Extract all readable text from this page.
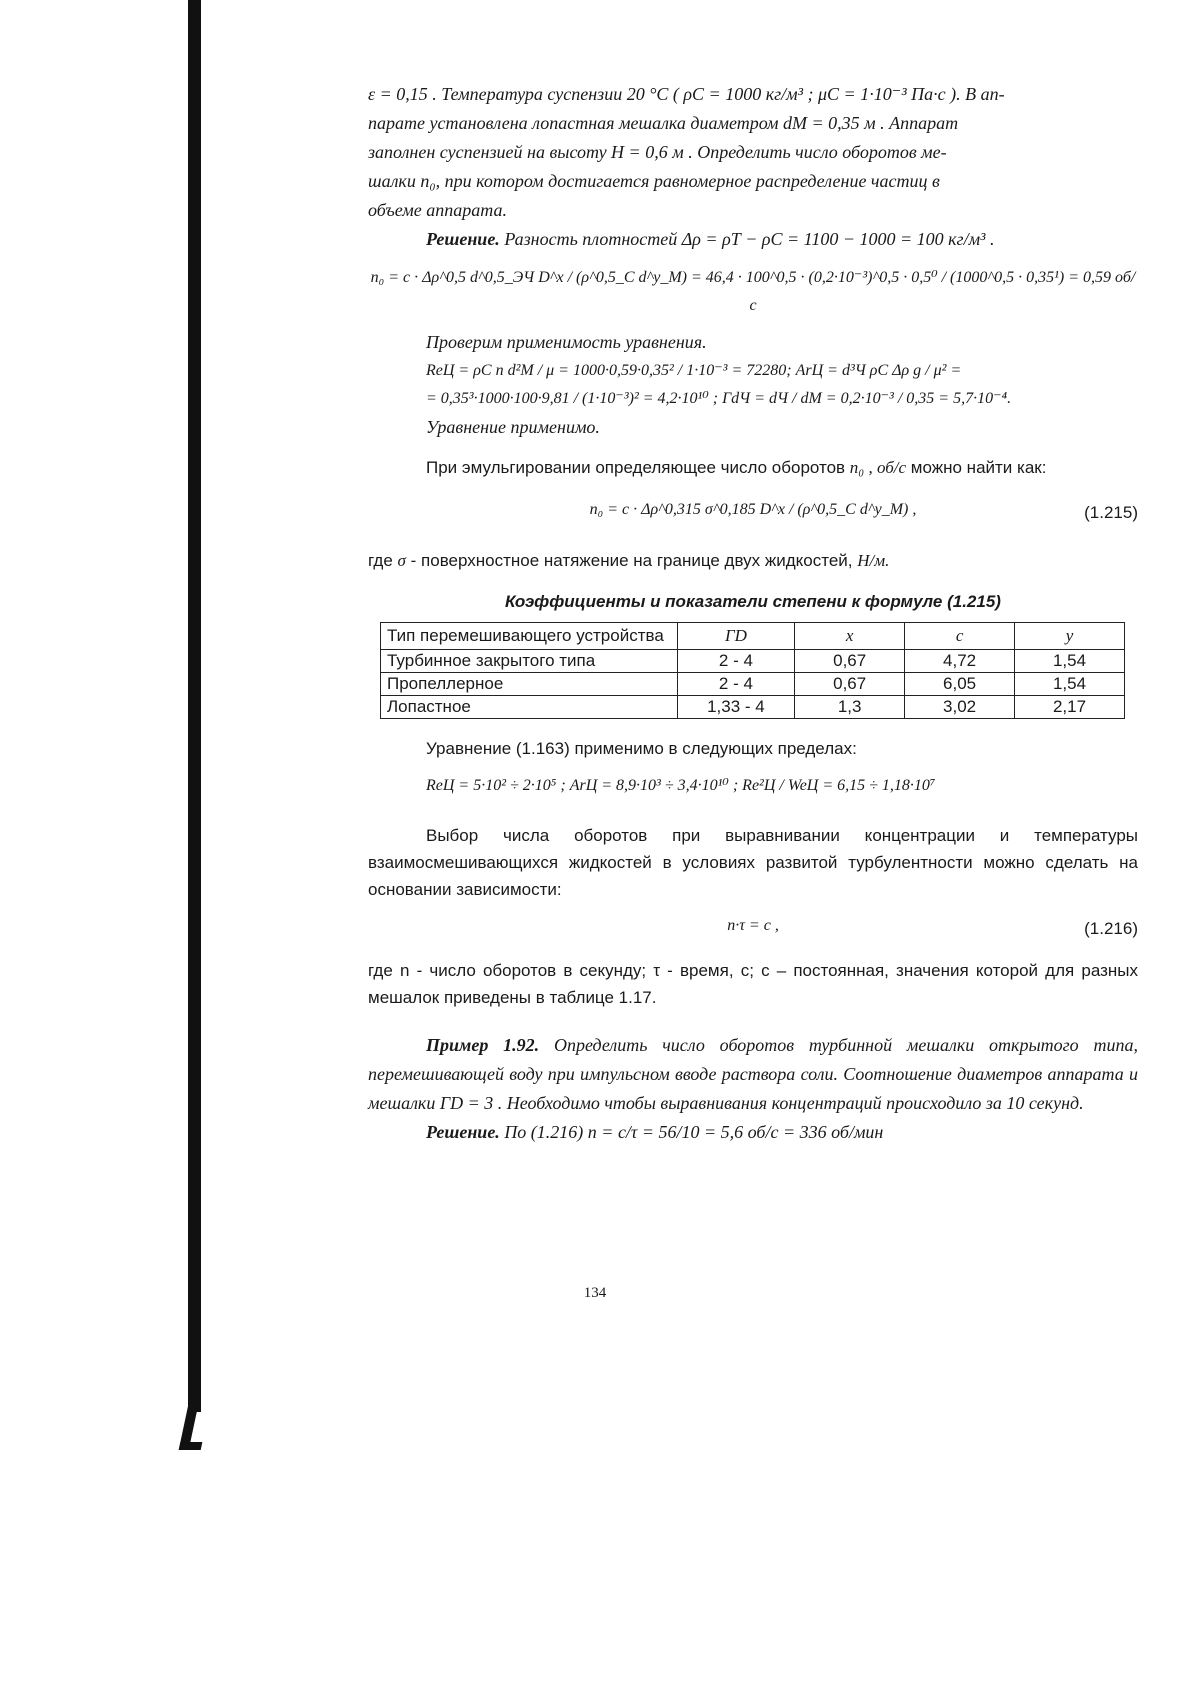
ε = 0,15 . Температура суспензии 20 °С ( ρС = 1000 кг/м³ ; μС = 1·10⁻³ Па·с ). В ап-

парате установлена лопастная мешалка диаметром dМ = 0,35 м . Аппарат

заполнен суспензией на высоту H = 0,6 м . Определить число оборотов ме-

шалки n₀, при котором достигается равномерное распределение частиц в

объеме аппарата.

Решение. Разность плотностей Δρ = ρТ − ρС = 1100 − 1000 = 100 кг/м³ .

n₀ = c · Δρ^0,5 d^0,5_ЭЧ D^x / (ρ^0,5_C d^y_M) = 46,4 · 100^0,5 · (0,2·10⁻³)^0,5 · 0,5⁰ / (1000^0,5 · 0,35¹) = 0,59 об/с

Проверим применимость уравнения.

ReЦ = ρС n d²М / μ = 1000·0,59·0,35² / 1·10⁻³ = 72280; ArЦ = d³Ч ρС Δρ g / μ² =

= 0,35³·1000·100·9,81 / (1·10⁻³)² = 4,2·10¹⁰ ; ΓdЧ = dЧ / dМ = 0,2·10⁻³ / 0,35 = 5,7·10⁻⁴.

Уравнение применимо.

При эмульгировании определяющее число оборотов n₀ , об/с можно найти как:

n₀ = c · Δρ^0,315 σ^0,185 D^x / (ρ^0,5_C d^y_M) ,	(1.215)

где σ - поверхностное натяжение на границе двух жидкостей, Н/м.

Коэффициенты и показатели степени к формуле (1.215)
Тип перемешивающего устройства	ΓD	x	c	y
Турбинное закрытого типа	2 - 4	0,67	4,72	1,54
Пропеллерное	2 - 4	0,67	6,05	1,54
Лопастное	1,33 - 4	1,3	3,02	2,17

Уравнение (1.163) применимо в следующих пределах:

ReЦ = 5·10² ÷ 2·10⁵ ; ArЦ = 8,9·10³ ÷ 3,4·10¹⁰ ; Re²Ц / WeЦ = 6,15 ÷ 1,18·10⁷

Выбор числа оборотов при выравнивании концентрации и температуры взаимосмешивающихся жидкостей в условиях развитой турбулентности можно сделать на основании зависимости:

n·τ = c ,	(1.216)

где n - число оборотов в секунду; τ - время, с; c – постоянная, значения которой для разных мешалок приведены в таблице 1.17.

Пример 1.92. Определить число оборотов турбинной мешалки открытого типа, перемешивающей воду при импульсном вводе раствора соли. Соотношение диаметров аппарата и мешалки ΓD = 3 . Необходимо чтобы выравнивания концентраций происходило за 10 секунд.

Решение. По (1.216) n = c/τ = 56/10 = 5,6 об/с = 336 об/мин

134
